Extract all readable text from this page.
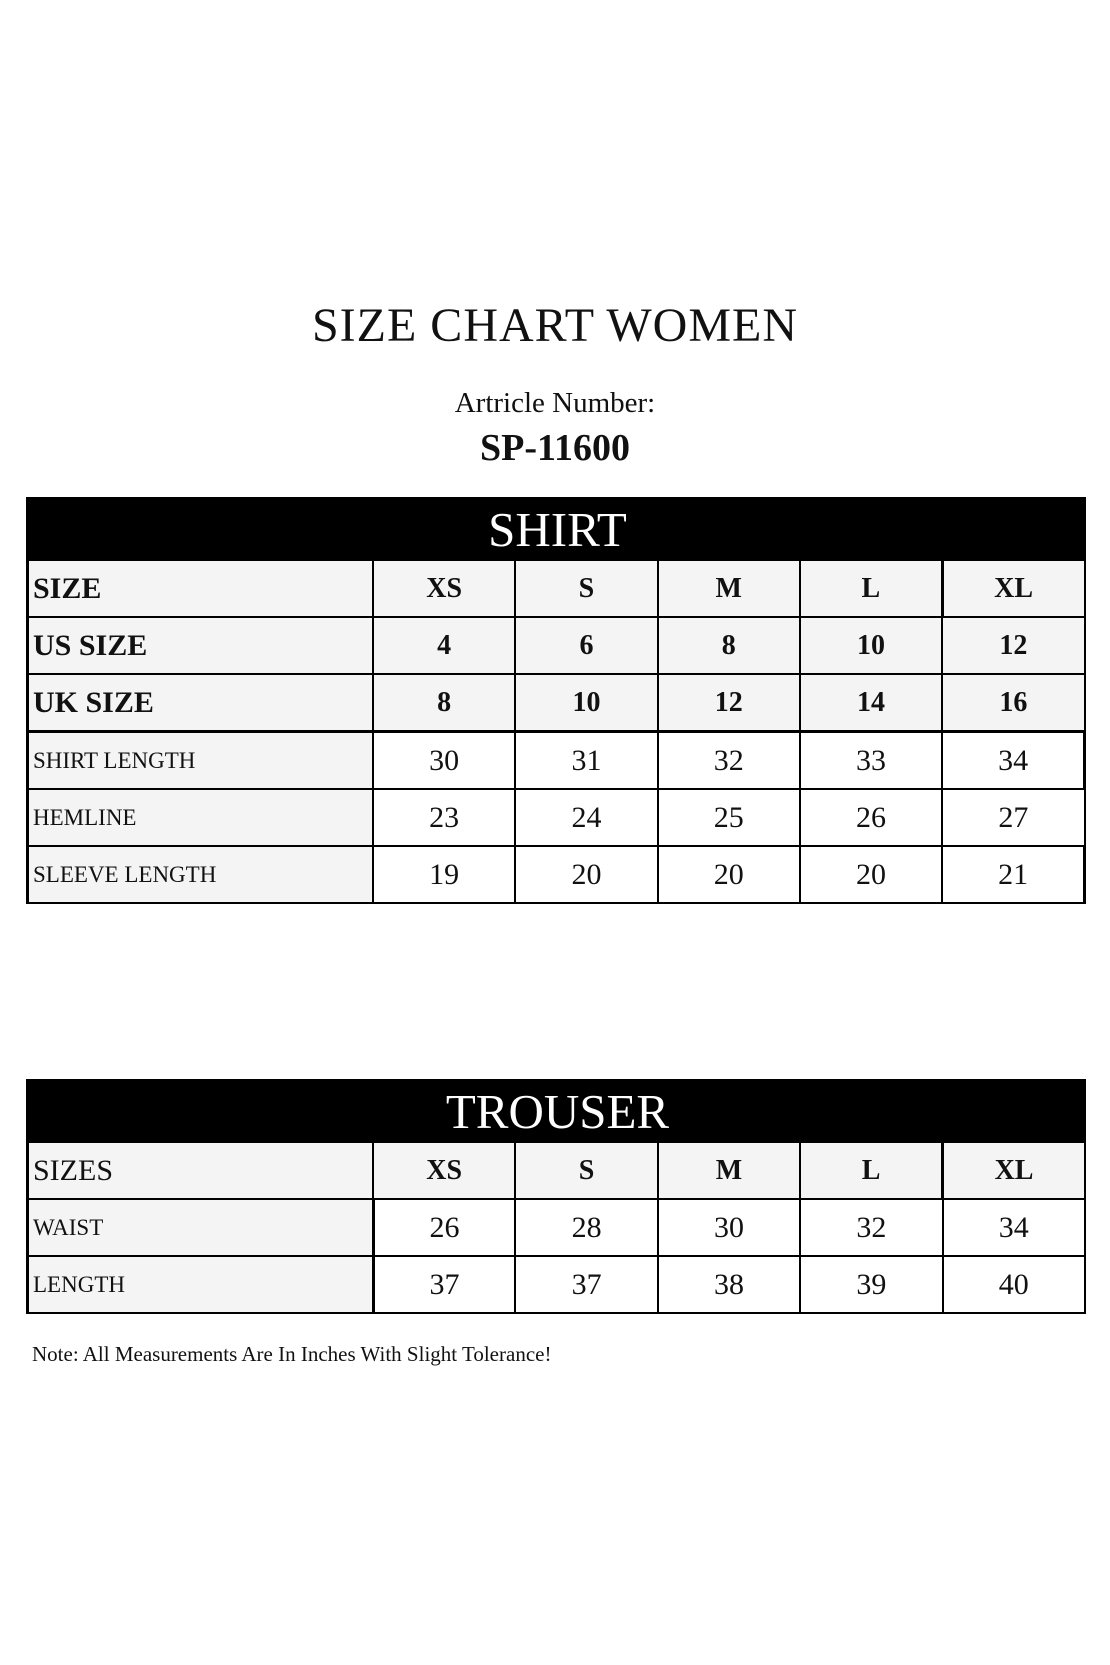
SIZE CHART WOMEN
Artricle Number:
SP-11600
SHIRT
SIZE	XS	S	M	L	XL
US SIZE	4	6	8	10	12
UK SIZE	8	10	12	14	16
SHIRT LENGTH	30	31	32	33	34
HEMLINE	23	24	25	26	27
SLEEVE LENGTH	19	20	20	20	21
TROUSER
SIZES	XS	S	M	L	XL
WAIST	26	28	30	32	34
LENGTH	37	37	38	39	40
Note: All Measurements Are In Inches With Slight Tolerance!
